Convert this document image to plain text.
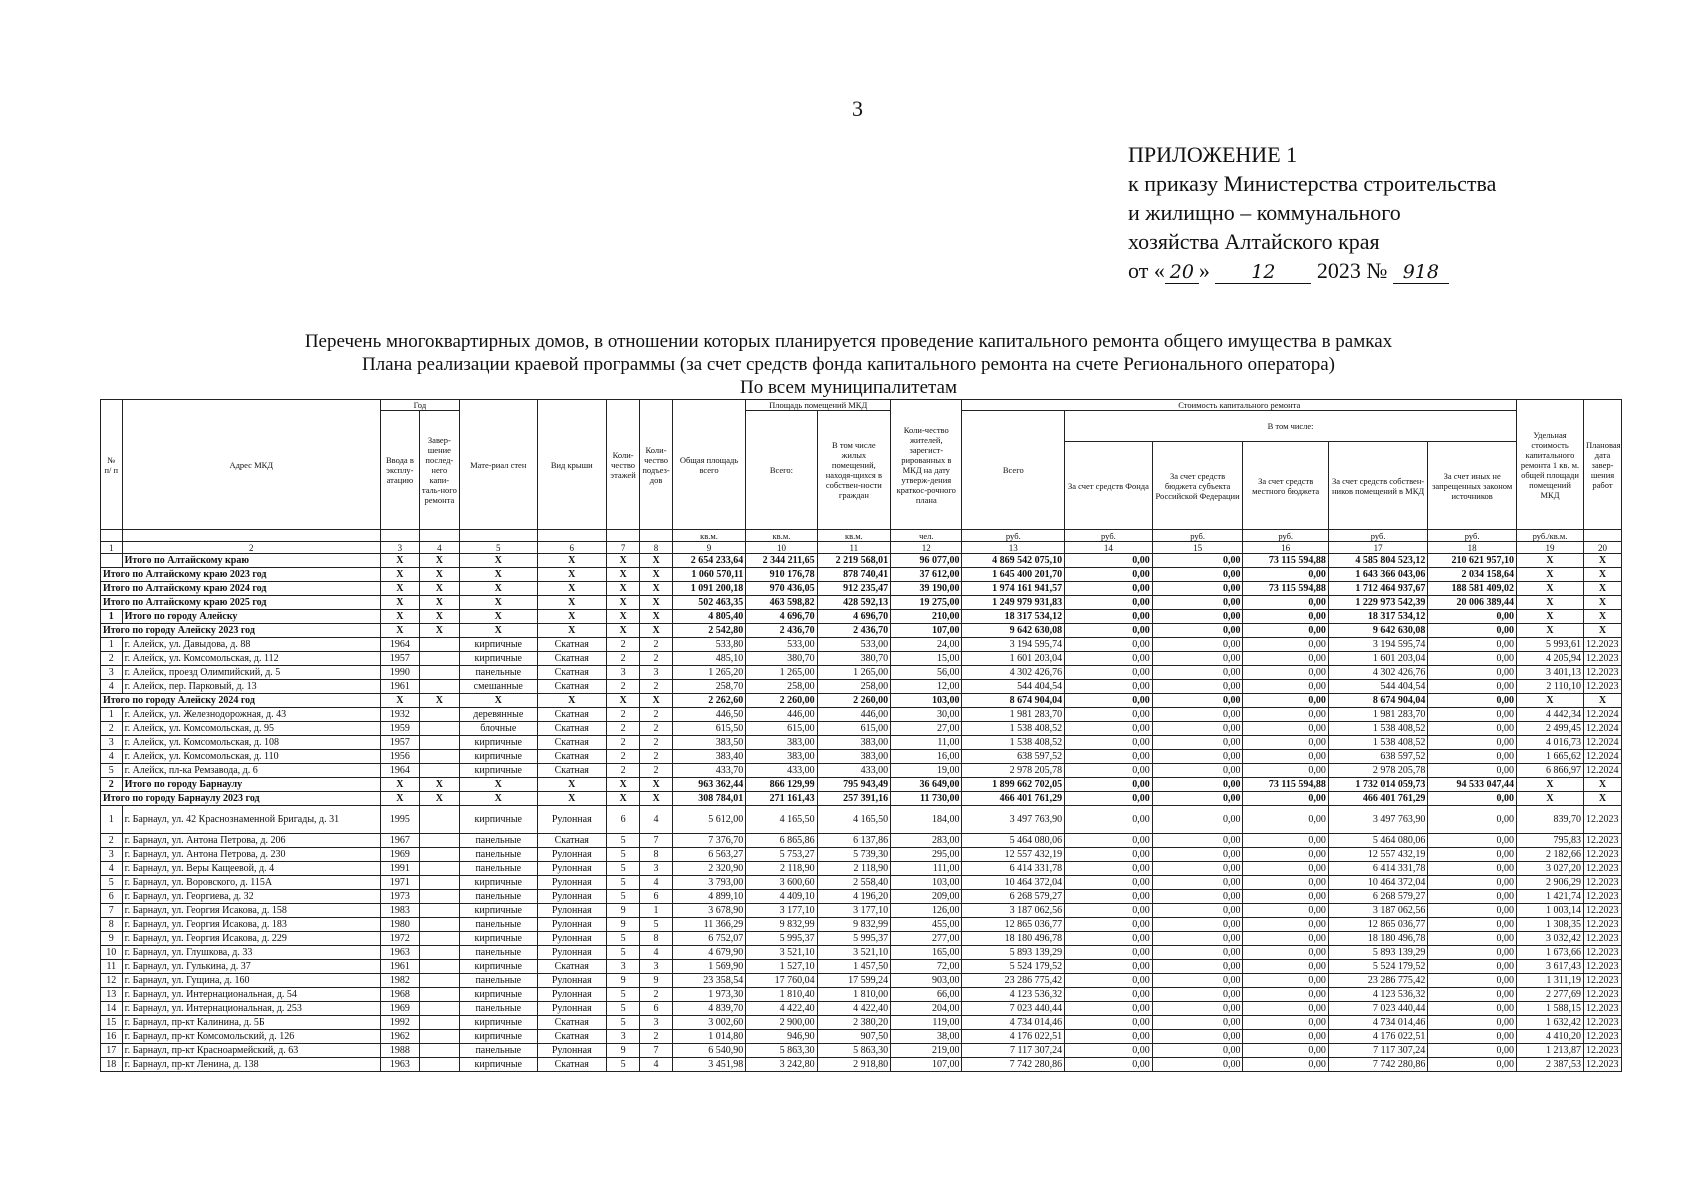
3
ПРИЛОЖЕНИЕ 1
к приказу Министерства строительства
и жилищно – коммунального
хозяйства Алтайского края
от « 20 » 12 2023 № 918
Перечень многоквартирных домов, в отношении которых планируется проведение капитального ремонта общего имущества в рамках
Плана реализации краевой программы (за счет средств фонда капитального ремонта на счете Регионального оператора)
По всем муниципалитетам
№ п/ п	Адрес МКД	Год		Мате-риал стен	Вид крыши	Коли-чество этажей	Коли-чество подъез-дов	Общая площадь всего	Площадь помещений МКД		Коли-чество жителей, зарегист-рированных в МКД на дату утверж-дения краткос-рочного плана	Стоимость капитального ремонта						Удельная стоимость капитального ремонта 1 кв. м. общей площади помещений МКД	Плановая дата завер-шения работ
		Ввода в эксплу-атацию	Завер-шение послед-него капи-таль-ного ремонта						Всего:	В том числе жилых помещений, находя-щихся в собствен-ности граждан		Всего	В том числе:						
													За счет средств Фонда	За счет средств бюджета субъекта Российской Федерации	За счет средств местного бюджета	За счет средств собствен-ников помещений в МКД	За счет иных не запрещенных законом источников		
								кв.м.	кв.м.	кв.м.	чел.	руб.	руб.	руб.	руб.	руб.	руб.	руб./кв.м.	
1	2	3	4	5	6	7	8	9	10	11	12	13	14	15	16	17	18	19	20
	Итого по Алтайскому краю	X	X	X	X	X	X	2 654 233,64	2 344 211,65	2 219 568,01	96 077,00	4 869 542 075,10	0,00	0,00	73 115 594,88	4 585 804 523,12	210 621 957,10	X	X
Итого по Алтайскому краю 2023 год		X	X	X	X	X	X	1 060 570,11	910 176,78	878 740,41	37 612,00	1 645 400 201,70	0,00	0,00	0,00	1 643 366 043,06	2 034 158,64	X	X
Итого по Алтайскому краю 2024 год		X	X	X	X	X	X	1 091 200,18	970 436,05	912 235,47	39 190,00	1 974 161 941,57	0,00	0,00	73 115 594,88	1 712 464 937,67	188 581 409,02	X	X
Итого по Алтайскому краю 2025 год		X	X	X	X	X	X	502 463,35	463 598,82	428 592,13	19 275,00	1 249 979 931,83	0,00	0,00	0,00	1 229 973 542,39	20 006 389,44	X	X
1	Итого по городу Алейску	X	X	X	X	X	X	4 805,40	4 696,70	4 696,70	210,00	18 317 534,12	0,00	0,00	0,00	18 317 534,12	0,00	X	X
Итого по городу Алейску 2023 год		X	X	X	X	X	X	2 542,80	2 436,70	2 436,70	107,00	9 642 630,08	0,00	0,00	0,00	9 642 630,08	0,00	X	X
1	г. Алейск, ул. Давыдова, д. 88	1964		кирпичные	Скатная	2	2	533,80	533,00	533,00	24,00	3 194 595,74	0,00	0,00	0,00	3 194 595,74	0,00	5 993,61	12.2023
2	г. Алейск, ул. Комсомольская, д. 112	1957		кирпичные	Скатная	2	2	485,10	380,70	380,70	15,00	1 601 203,04	0,00	0,00	0,00	1 601 203,04	0,00	4 205,94	12.2023
3	г. Алейск, проезд Олимпийский, д. 5	1990		панельные	Скатная	3	3	1 265,20	1 265,00	1 265,00	56,00	4 302 426,76	0,00	0,00	0,00	4 302 426,76	0,00	3 401,13	12.2023
4	г. Алейск, пер. Парковый, д. 13	1961		смешанные	Скатная	2	2	258,70	258,00	258,00	12,00	544 404,54	0,00	0,00	0,00	544 404,54	0,00	2 110,10	12.2023
Итого по городу Алейску 2024 год		X	X	X	X	X	X	2 262,60	2 260,00	2 260,00	103,00	8 674 904,04	0,00	0,00	0,00	8 674 904,04	0,00	X	X
1	г. Алейск, ул. Железнодорожная, д. 43	1932		деревянные	Скатная	2	2	446,50	446,00	446,00	30,00	1 981 283,70	0,00	0,00	0,00	1 981 283,70	0,00	4 442,34	12.2024
2	г. Алейск, ул. Комсомольская, д. 95	1959		блочные	Скатная	2	2	615,50	615,00	615,00	27,00	1 538 408,52	0,00	0,00	0,00	1 538 408,52	0,00	2 499,45	12.2024
3	г. Алейск, ул. Комсомольская, д. 108	1957		кирпичные	Скатная	2	2	383,50	383,00	383,00	11,00	1 538 408,52	0,00	0,00	0,00	1 538 408,52	0,00	4 016,73	12.2024
4	г. Алейск, ул. Комсомольская, д. 110	1956		кирпичные	Скатная	2	2	383,40	383,00	383,00	16,00	638 597,52	0,00	0,00	0,00	638 597,52	0,00	1 665,62	12.2024
5	г. Алейск, пл-ка Ремзавода, д. 6	1964		кирпичные	Скатная	2	2	433,70	433,00	433,00	19,00	2 978 205,78	0,00	0,00	0,00	2 978 205,78	0,00	6 866,97	12.2024
2	Итого по городу Барнаулу	X	X	X	X	X	X	963 362,44	866 129,99	795 943,49	36 649,00	1 899 662 702,05	0,00	0,00	73 115 594,88	1 732 014 059,73	94 533 047,44	X	X
Итого по городу Барнаулу 2023 год		X	X	X	X	X	X	308 784,01	271 161,43	257 391,16	11 730,00	466 401 761,29	0,00	0,00	0,00	466 401 761,29	0,00	X	X
1	г. Барнаул, ул. 42 Краснознаменной Бригады, д. 31	1995		кирпичные	Рулонная	6	4	5 612,00	4 165,50	4 165,50	184,00	3 497 763,90	0,00	0,00	0,00	3 497 763,90	0,00	839,70	12.2023
2	г. Барнаул, ул. Антона Петрова, д. 206	1967		панельные	Скатная	5	7	7 376,70	6 865,86	6 137,86	283,00	5 464 080,06	0,00	0,00	0,00	5 464 080,06	0,00	795,83	12.2023
3	г. Барнаул, ул. Антона Петрова, д. 230	1969		панельные	Рулонная	5	8	6 563,27	5 753,27	5 739,30	295,00	12 557 432,19	0,00	0,00	0,00	12 557 432,19	0,00	2 182,66	12.2023
4	г. Барнаул, ул. Веры Кащеевой, д. 4	1991		панельные	Рулонная	5	3	2 320,90	2 118,90	2 118,90	111,00	6 414 331,78	0,00	0,00	0,00	6 414 331,78	0,00	3 027,20	12.2023
5	г. Барнаул, ул. Воровского, д. 115А	1971		кирпичные	Рулонная	5	4	3 793,00	3 600,60	2 558,40	103,00	10 464 372,04	0,00	0,00	0,00	10 464 372,04	0,00	2 906,29	12.2023
6	г. Барнаул, ул. Георгиева, д. 32	1973		панельные	Рулонная	5	6	4 899,10	4 409,10	4 196,20	209,00	6 268 579,27	0,00	0,00	0,00	6 268 579,27	0,00	1 421,74	12.2023
7	г. Барнаул, ул. Георгия Исакова, д. 158	1983		кирпичные	Рулонная	9	1	3 678,90	3 177,10	3 177,10	126,00	3 187 062,56	0,00	0,00	0,00	3 187 062,56	0,00	1 003,14	12.2023
8	г. Барнаул, ул. Георгия Исакова, д. 183	1980		панельные	Рулонная	9	5	11 366,29	9 832,99	9 832,99	455,00	12 865 036,77	0,00	0,00	0,00	12 865 036,77	0,00	1 308,35	12.2023
9	г. Барнаул, ул. Георгия Исакова, д. 229	1972		кирпичные	Рулонная	5	8	6 752,07	5 995,37	5 995,37	277,00	18 180 496,78	0,00	0,00	0,00	18 180 496,78	0,00	3 032,42	12.2023
10	г. Барнаул, ул. Глушкова, д. 33	1963		панельные	Рулонная	5	4	4 679,90	3 521,10	3 521,10	165,00	5 893 139,29	0,00	0,00	0,00	5 893 139,29	0,00	1 673,66	12.2023
11	г. Барнаул, ул. Гулькина, д. 37	1961		кирпичные	Скатная	3	3	1 569,90	1 527,10	1 457,50	72,00	5 524 179,52	0,00	0,00	0,00	5 524 179,52	0,00	3 617,43	12.2023
12	г. Барнаул, ул. Гущина, д. 160	1982		панельные	Рулонная	9	9	23 358,54	17 760,04	17 599,24	903,00	23 286 775,42	0,00	0,00	0,00	23 286 775,42	0,00	1 311,19	12.2023
13	г. Барнаул, ул. Интернациональная, д. 54	1968		кирпичные	Рулонная	5	2	1 973,30	1 810,40	1 810,00	66,00	4 123 536,32	0,00	0,00	0,00	4 123 536,32	0,00	2 277,69	12.2023
14	г. Барнаул, ул. Интернациональная, д. 253	1969		панельные	Рулонная	5	6	4 839,70	4 422,40	4 422,40	204,00	7 023 440,44	0,00	0,00	0,00	7 023 440,44	0,00	1 588,15	12.2023
15	г. Барнаул, пр-кт Калинина, д. 5Б	1992		кирпичные	Скатная	5	3	3 002,60	2 900,00	2 380,20	119,00	4 734 014,46	0,00	0,00	0,00	4 734 014,46	0,00	1 632,42	12.2023
16	г. Барнаул, пр-кт Комсомольский, д. 126	1962		кирпичные	Скатная	3	2	1 014,80	946,90	907,50	38,00	4 176 022,51	0,00	0,00	0,00	4 176 022,51	0,00	4 410,20	12.2023
17	г. Барнаул, пр-кт Красноармейский, д. 63	1988		панельные	Рулонная	9	7	6 540,90	5 863,30	5 863,30	219,00	7 117 307,24	0,00	0,00	0,00	7 117 307,24	0,00	1 213,87	12.2023
18	г. Барнаул, пр-кт Ленина, д. 138	1963		кирпичные	Скатная	5	4	3 451,98	3 242,80	2 918,80	107,00	7 742 280,86	0,00	0,00	0,00	7 742 280,86	0,00	2 387,53	12.2023
